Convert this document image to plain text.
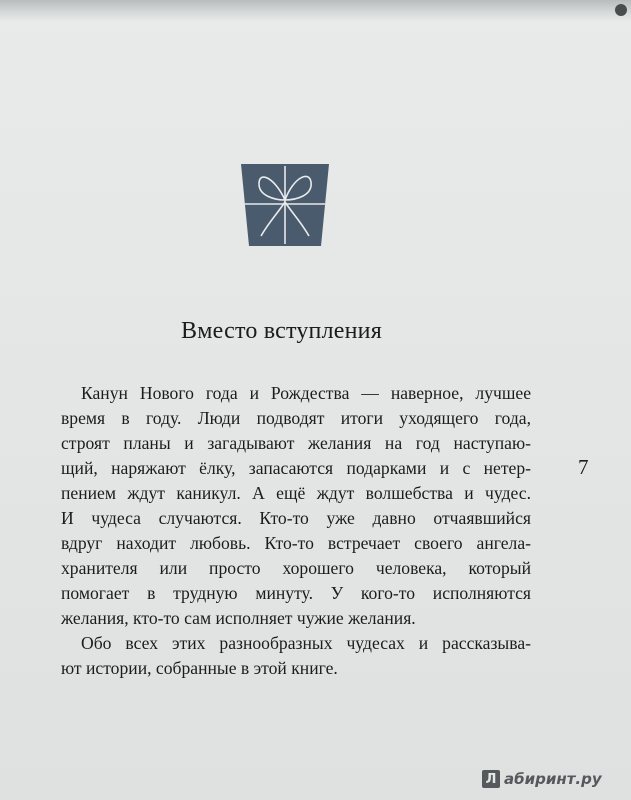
Вместо вступления
Канун Нового года и Рождества — наверное, лучшее
время в году. Люди подводят итоги уходящего года,
строят планы и загадывают желания на год наступаю-
щий, наряжают ёлку, запасаются подарками и с нетер-
пением ждут каникул. А ещё ждут волшебства и чудес.
И чудеса случаются. Кто-то уже давно отчаявшийся
вдруг находит любовь. Кто-то встречает своего ангела-
хранителя или просто хорошего человека, который
помогает в трудную минуту. У кого-то исполняются
желания, кто-то сам исполняет чужие желания.
Обо всех этих разнообразных чудесах и рассказыва-
ют истории, собранные в этой книге.
7
Л абиринт.ру
